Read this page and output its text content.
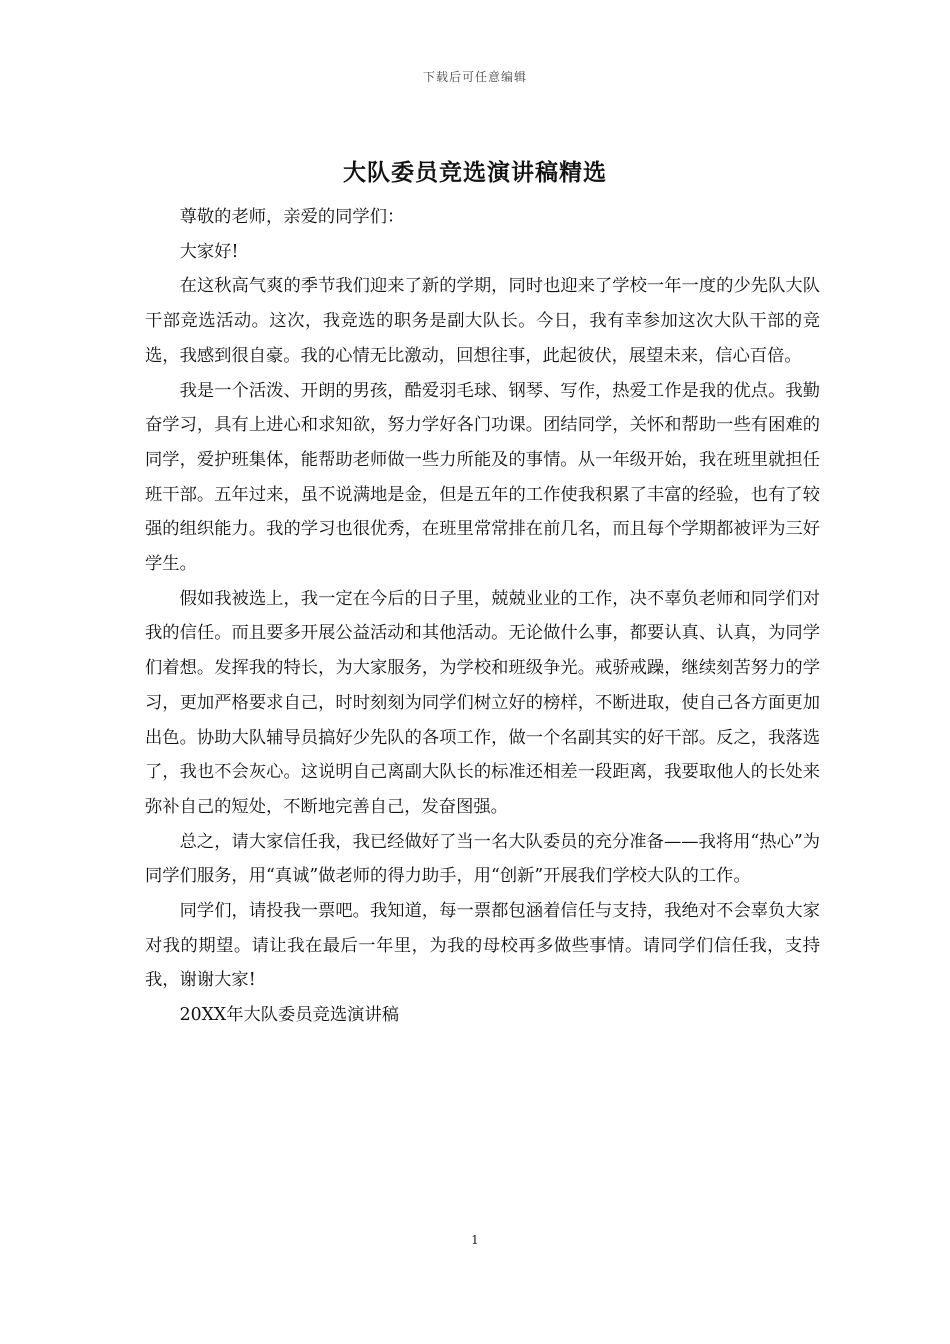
下载后可任意编辑
大队委员竞选演讲稿精选

尊敬的老师，亲爱的同学们：

大家好!

在这秋高气爽的季节我们迎来了新的学期，同时也迎来了学校一年一度的少先队大队干部竞选活动。这次，我竞选的职务是副大队长。今日，我有幸参加这次大队干部的竞选，我感到很自豪。我的心情无比激动，回想往事，此起彼伏，展望未来，信心百倍。

我是一个活泼、开朗的男孩，酷爱羽毛球、钢琴、写作，热爱工作是我的优点。我勤奋学习，具有上进心和求知欲，努力学好各门功课。团结同学，关怀和帮助一些有困难的同学，爱护班集体，能帮助老师做一些力所能及的事情。从一年级开始，我在班里就担任班干部。五年过来，虽不说满地是金，但是五年的工作使我积累了丰富的经验，也有了较强的组织能力。我的学习也很优秀，在班里常常排在前几名，而且每个学期都被评为三好学生。

假如我被选上，我一定在今后的日子里，兢兢业业的工作，决不辜负老师和同学们对我的信任。而且要多开展公益活动和其他活动。无论做什么事，都要认真、认真，为同学们着想。发挥我的特长，为大家服务，为学校和班级争光。戒骄戒躁，继续刻苦努力的学习，更加严格要求自己，时时刻刻为同学们树立好的榜样，不断进取，使自己各方面更加出色。协助大队辅导员搞好少先队的各项工作，做一个名副其实的好干部。反之，我落选了，我也不会灰心。这说明自己离副大队长的标准还相差一段距离，我要取他人的长处来弥补自己的短处，不断地完善自己，发奋图强。

总之，请大家信任我，我已经做好了当一名大队委员的充分准备——我将用“热心”为同学们服务，用“真诚”做老师的得力助手，用“创新”开展我们学校大队的工作。

同学们，请投我一票吧。我知道，每一票都包涵着信任与支持，我绝对不会辜负大家对我的期望。请让我在最后一年里，为我的母校再多做些事情。请同学们信任我，支持我，谢谢大家!

20XX年大队委员竞选演讲稿

1
